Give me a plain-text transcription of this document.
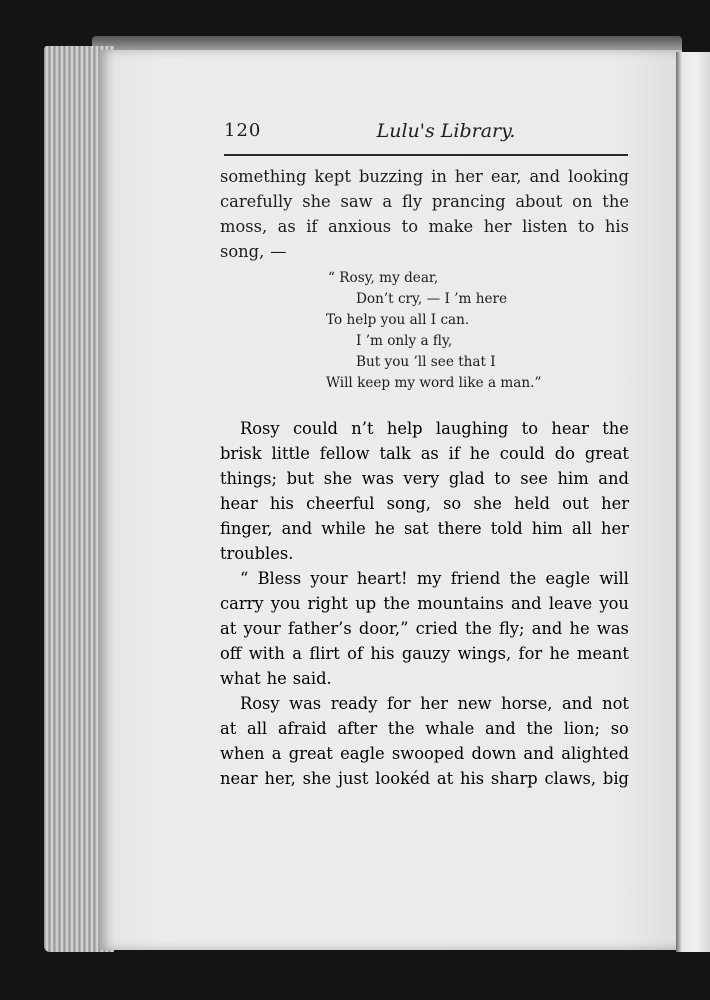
120	Lulu's Library.
something kept buzzing in her ear, and looking
carefully she saw a fly prancing about on the
moss, as if anxious to make her listen to his
song, —
“ Rosy, my dear,
Don’t cry, — I ’m here
To help you all I can.
I ’m only a fly,
But you ’ll see that I
Will keep my word like a man.”
Rosy could n’t help laughing to hear the
brisk little fellow talk as if he could do great
things; but she was very glad to see him and
hear his cheerful song, so she held out her
finger, and while he sat there told him all her
troubles.
“ Bless your heart! my friend the eagle will
carry you right up the mountains and leave you
at your father’s door,” cried the fly; and he was
off with a flirt of his gauzy wings, for he meant
what he said.
Rosy was ready for her new horse, and not
at all afraid after the whale and the lion; so
when a great eagle swooped down and alighted
near her, she just lookéd at his sharp claws, big
